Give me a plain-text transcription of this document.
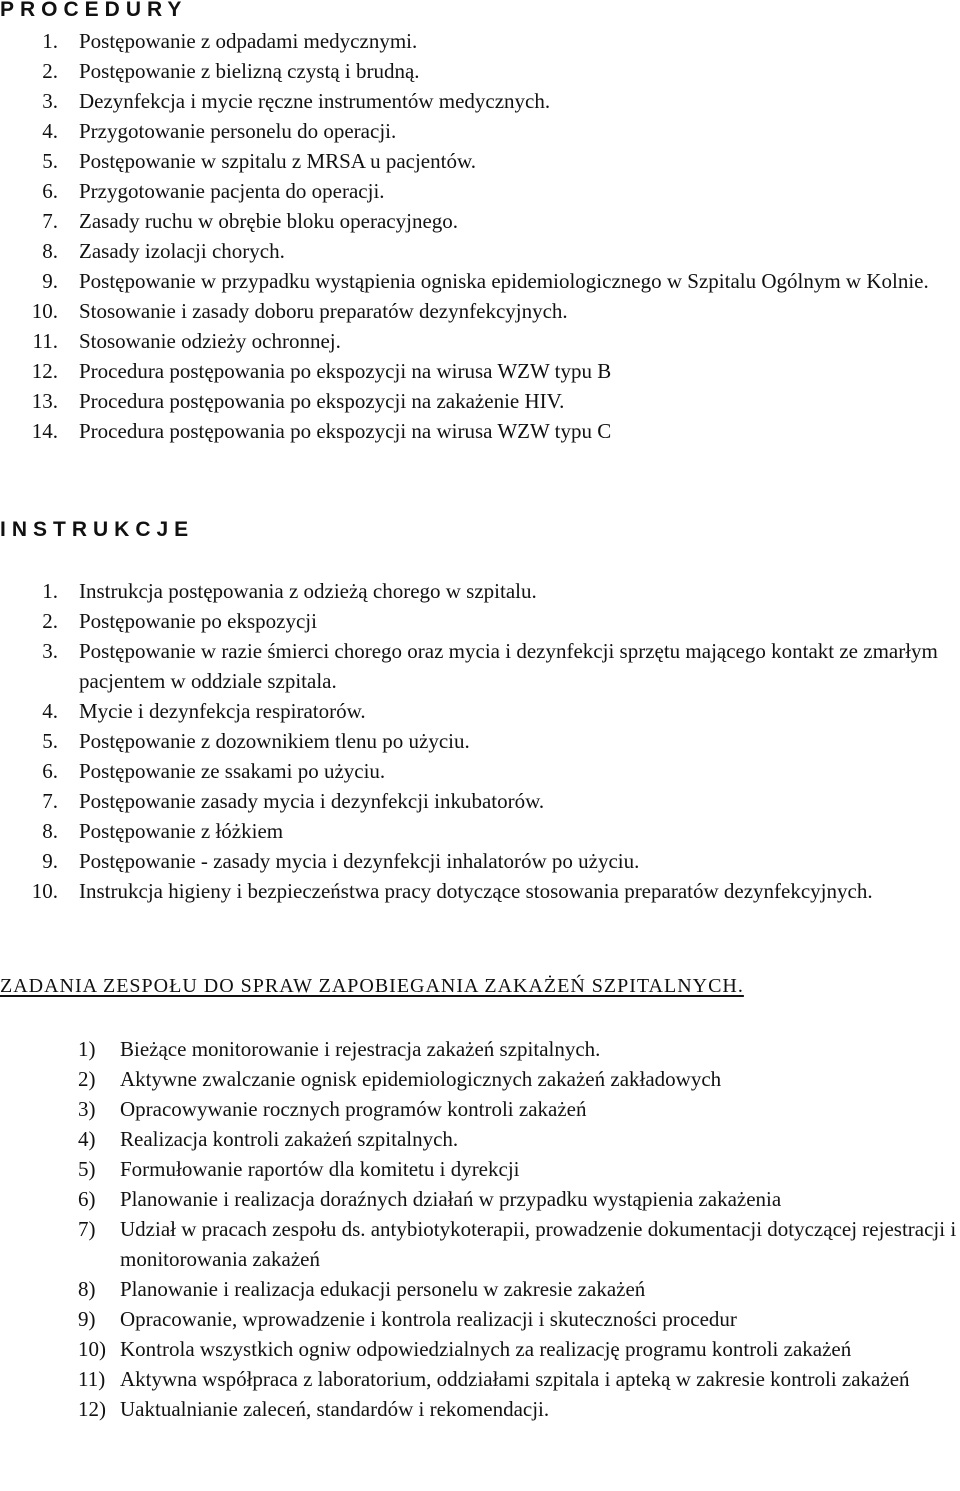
PROCEDURY
1. Postępowanie z odpadami medycznymi.
2. Postępowanie z bielizną czystą i brudną.
3. Dezynfekcja i mycie ręczne instrumentów medycznych.
4. Przygotowanie personelu do operacji.
5. Postępowanie w szpitalu z MRSA u pacjentów.
6. Przygotowanie pacjenta do operacji.
7. Zasady ruchu w obrębie bloku operacyjnego.
8. Zasady izolacji chorych.
9. Postępowanie w przypadku wystąpienia ogniska epidemiologicznego w Szpitalu Ogólnym w Kolnie.
10. Stosowanie i zasady doboru preparatów dezynfekcyjnych.
11. Stosowanie odzieży ochronnej.
12. Procedura postępowania po ekspozycji na wirusa WZW typu B
13. Procedura postępowania po ekspozycji na zakażenie HIV.
14. Procedura postępowania po ekspozycji na wirusa WZW typu C
INSTRUKCJE
1. Instrukcja postępowania z odzieżą chorego w szpitalu.
2. Postępowanie po ekspozycji
3. Postępowanie w razie śmierci chorego oraz mycia i dezynfekcji sprzętu mającego kontakt ze zmarłym pacjentem w oddziale szpitala.
4. Mycie i dezynfekcja respiratorów.
5. Postępowanie z dozownikiem tlenu po użyciu.
6. Postępowanie ze ssakami po użyciu.
7. Postępowanie zasady mycia i dezynfekcji inkubatorów.
8. Postępowanie z łóżkiem
9. Postępowanie - zasady mycia i dezynfekcji inhalatorów po użyciu.
10. Instrukcja higieny i bezpieczeństwa pracy dotyczące stosowania preparatów dezynfekcyjnych.
ZADANIA ZESPOŁU DO SPRAW ZAPOBIEGANIA ZAKAŻEŃ SZPITALNYCH.
1)	Bieżące monitorowanie i rejestracja zakażeń szpitalnych.
2)	Aktywne zwalczanie ognisk epidemiologicznych zakażeń zakładowych
3)	Opracowywanie rocznych programów kontroli zakażeń
4)	Realizacja kontroli zakażeń szpitalnych.
5)	Formułowanie raportów dla komitetu i dyrekcji
6)	Planowanie i realizacja doraźnych działań w przypadku wystąpienia zakażenia
7)	Udział w pracach zespołu ds. antybiotykoterapii, prowadzenie dokumentacji dotyczącej rejestracji i monitorowania zakażeń
8)	Planowanie i realizacja edukacji personelu w zakresie zakażeń
9)	Opracowanie, wprowadzenie i kontrola realizacji i skuteczności procedur
10) Kontrola wszystkich ogniw odpowiedzialnych za realizację programu kontroli zakażeń
11) Aktywna współpraca z laboratorium, oddziałami szpitala i apteką w zakresie kontroli zakażeń
12) Uaktualnianie zaleceń, standardów i rekomendacji.
